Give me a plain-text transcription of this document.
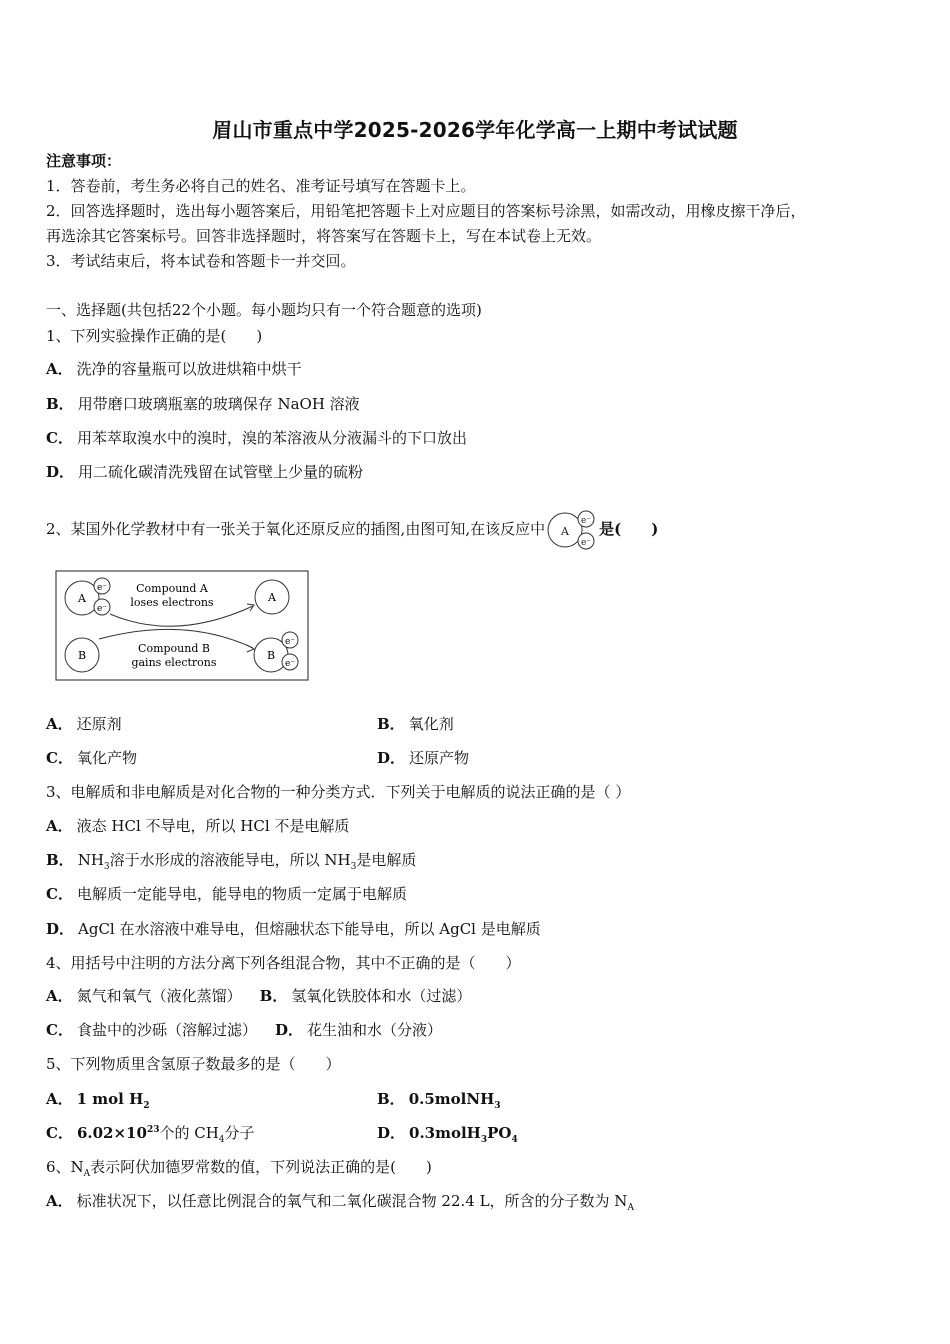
眉山市重点中学2025-2026学年化学高一上期中考试试题
注意事项：
1．答卷前，考生务必将自己的姓名、准考证号填写在答题卡上。
2．回答选择题时，选出每小题答案后，用铅笔把答题卡上对应题目的答案标号涂黑，如需改动，用橡皮擦干净后，
再选涂其它答案标号。回答非选择题时，将答案写在答题卡上，写在本试卷上无效。
3．考试结束后，将本试卷和答题卡一并交回。
一、选择题(共包括22个小题。每小题均只有一个符合题意的选项)
1、下列实验操作正确的是(　　)
A． 洗净的容量瓶可以放进烘箱中烘干
B． 用带磨口玻璃瓶塞的玻璃保存 NaOH 溶液
C． 用苯萃取溴水中的溴时，溴的苯溶液从分液漏斗的下口放出
D． 用二硫化碳清洗残留在试管壁上少量的硫粉
2、某国外化学教材中有一张关于氧化还原反应的插图,由图可知,在该反应中 A
e⁻
e⁻
是(　　)
A
e⁻
e⁻
Compound A
loses electrons
Compound B
gains electrons
A
B	B
e⁻
e⁻
A． 还原剂	B． 氧化剂
C． 氧化产物	D． 还原产物
3、电解质和非电解质是对化合物的一种分类方式．下列关于电解质的说法正确的是（ ）
A． 液态 HCl 不导电，所以 HCl 不是电解质
B． $NH_3$溶于水形成的溶液能导电，所以 $NH_3$是电解质
C． 电解质一定能导电，能导电的物质一定属于电解质
D． AgCl 在水溶液中难导电，但熔融状态下能导电，所以 AgCl 是电解质
4、用括号中注明的方法分离下列各组混合物，其中不正确的是（　　）
A． 氮气和氧气（液化蒸馏） B． 氢氧化铁胶体和水（过滤）
C． 食盐中的沙砾（溶解过滤） D． 花生油和水（分液）
5、下列物质里含氢原子数最多的是（　　）
A． 1 mol $H_2$	B． 0.5molNH$_3$
C． $6.02\times 10^{23}$个的 $CH_4$分子	D． $0.3molH_3PO_4$
6、$N_A$表示阿伏加德罗常数的值，下列说法正确的是(　　)
A． 标准状况下，以任意比例混合的氧气和二氧化碳混合物 22.4 L，所含的分子数为 $N_A$
